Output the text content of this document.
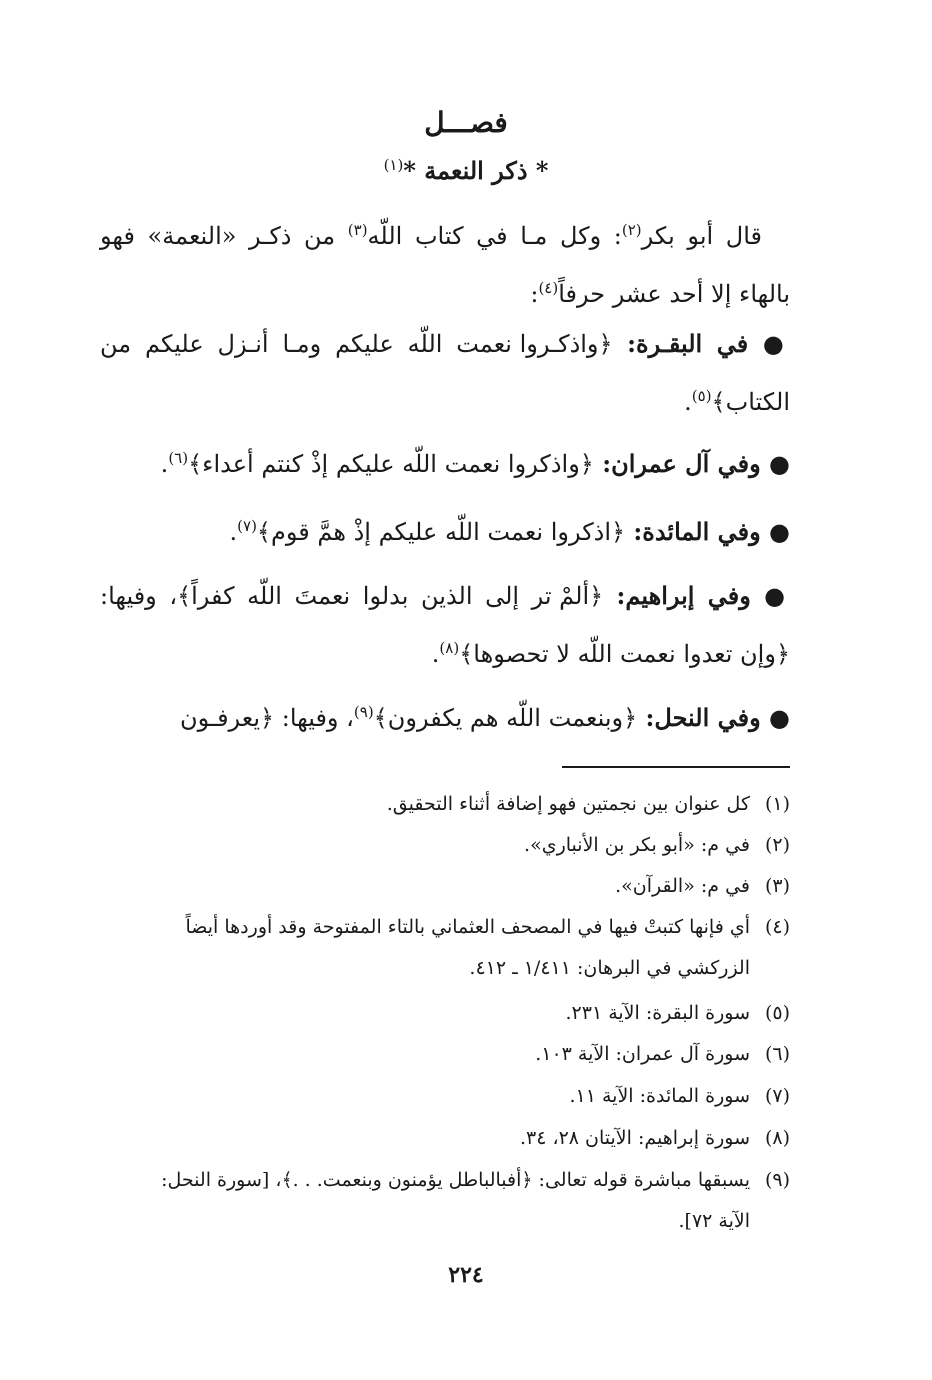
فصـــل
* ذكر النعمة *$^{(١)}$
قال أبو بكر$^{(٢)}$: وكل مـا في كتاب اللّه$^{(٣)}$ من ذكـر «النعمة» فهو بالهاء إلا أحد عشر حرفاً$^{(٤)}$:
● في البقـرة: ﴿واذكـروا نعمت اللّه عليكم ومـا أنـزل عليكم من الكتاب﴾$^{(٥)}$.
● وفي آل عمران: ﴿واذكروا نعمت اللّه عليكم إذْ كنتم أعداء﴾$^{(٦)}$.
● وفي المائدة: ﴿اذكروا نعمت اللّه عليكم إذْ همَّ قوم﴾$^{(٧)}$.
● وفي إبراهيم: ﴿ألمْ تر إلى الذين بدلوا نعمتَ اللّه كفراً﴾، وفيها: ﴿وإن تعدوا نعمت اللّه لا تحصوها﴾$^{(٨)}$.
● وفي النحل: ﴿وبنعمت اللّه هم يكفرون﴾$^{(٩)}$، وفيها: ﴿يعرفـون
(١)كل عنوان بين نجمتين فهو إضافة أثناء التحقيق.
(٢)في م: «أبو بكر بن الأنباري».
(٣)في م: «القرآن».
(٤)أي فإنها كتبتْ فيها في المصحف العثماني بالتاء المفتوحة وقد أوردها أيضاً
الزركشي في البرهان: ١/٤١١ ـ ٤١٢.
(٥)سورة البقرة: الآية ٢٣١.
(٦)سورة آل عمران: الآية ١٠٣.
(٧)سورة المائدة: الآية ١١.
(٨)سورة إبراهيم: الآيتان ٢٨، ٣٤.
(٩)يسبقها مباشرة قوله تعالى: ﴿أفبالباطل يؤمنون وبنعمت. . .﴾، [سورة النحل:
الآية ٧٢].
٢٢٤
